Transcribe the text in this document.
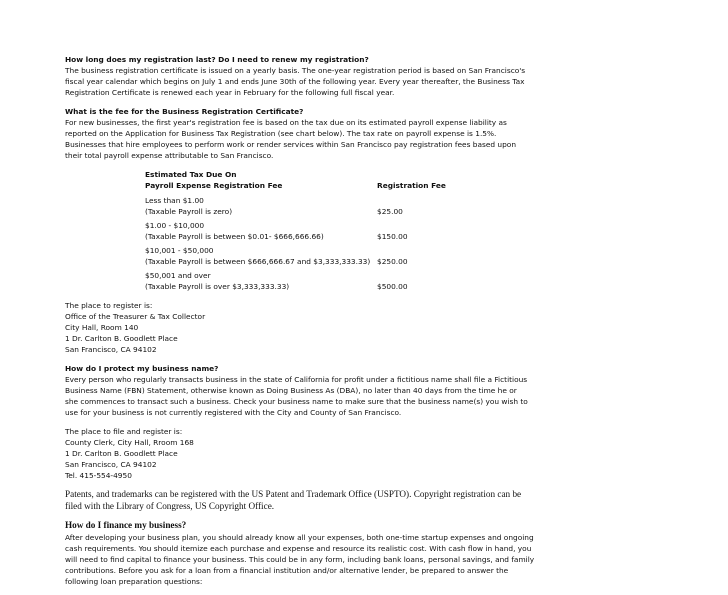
How long does my registration last? Do I need to renew my registration?
The business registration certificate is issued on a yearly basis. The one-year registration period is based on San Francisco's
fiscal year calendar which begins on July 1 and ends June 30th of the following year. Every year thereafter, the Business Tax
Registration Certificate is renewed each year in February for the following full fiscal year.
What is the fee for the Business Registration Certificate?
For new businesses, the first year's registration fee is based on the tax due on its estimated payroll expense liability as
reported on the Application for Business Tax Registration (see chart below). The tax rate on payroll expense is 1.5%.
Businesses that hire employees to perform work or render services within San Francisco pay registration fees based upon
their total payroll expense attributable to San Francisco.
Estimated Tax Due On
Payroll Expense Registration Fee	Registration Fee

Less than $1.00
(Taxable Payroll is zero)	$25.00

$1.00 - $10,000
(Taxable Payroll is between $0.01- $666,666.66)	$150.00

$10,001 - $50,000
(Taxable Payroll is between $666,666.67 and $3,333,333.33)	$250.00

$50,001 and over
(Taxable Payroll is over $3,333,333.33)	$500.00
The place to register is:
Office of the Treasurer & Tax Collector
City Hall, Room 140
1 Dr. Carlton B. Goodlett Place
San Francisco, CA 94102
How do I protect my business name?
Every person who regularly transacts business in the state of California for profit under a fictitious name shall file a Fictitious
Business Name (FBN) Statement, otherwise known as Doing Business As (DBA), no later than 40 days from the time he or
she commences to transact such a business. Check your business name to make sure that the business name(s) you wish to
use for your business is not currently registered with the City and County of San Francisco.
The place to file and register is:
County Clerk, City Hall, Rroom 168
1 Dr. Carlton B. Goodlett Place
San Francisco, CA 94102
Tel. 415-554-4950
Patents, and trademarks can be registered with the US Patent and Trademark Office (USPTO). Copyright registration can be
filed with the Library of Congress, US Copyright Office.
How do I finance my business?
After developing your business plan, you should already know all your expenses, both one-time startup expenses and ongoing
cash requirements. You should itemize each purchase and expense and resource its realistic cost. With cash flow in hand, you
will need to find capital to finance your business. This could be in any form, including bank loans, personal savings, and family
contributions. Before you ask for a loan from a financial institution and/or alternative lender, be prepared to answer the
following loan preparation questions:
